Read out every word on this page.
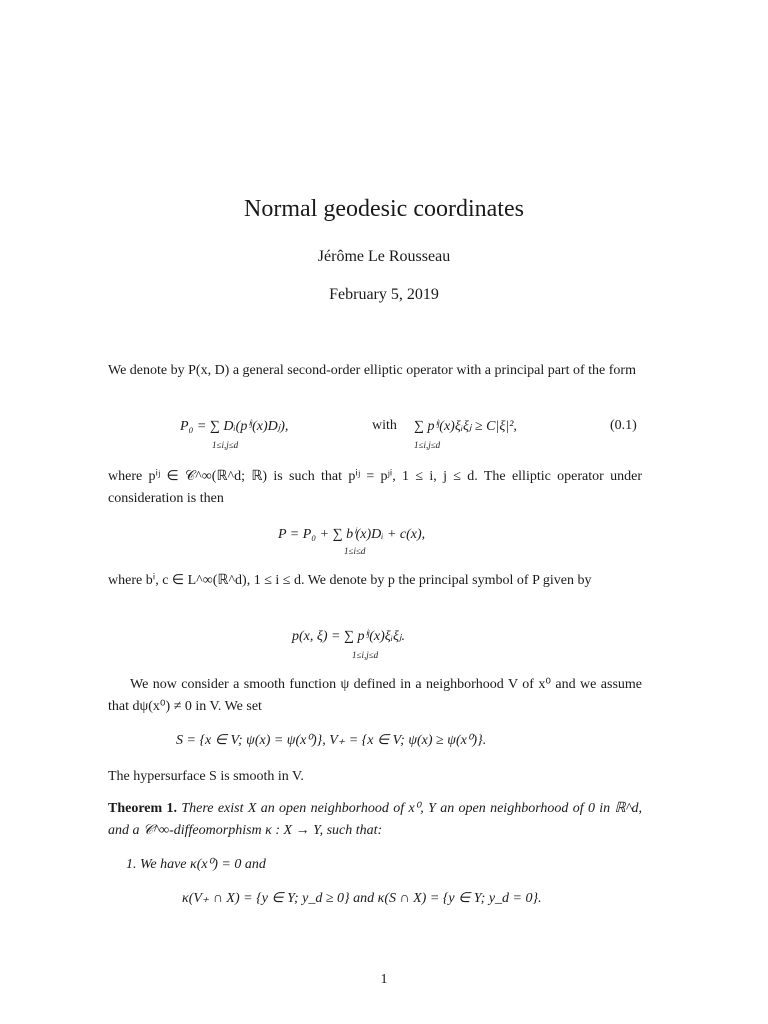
Normal geodesic coordinates
Jérôme Le Rousseau
February 5, 2019
We denote by P(x, D) a general second-order elliptic operator with a principal part of the form
P₀ = ∑ Dᵢ(pⁱʲ(x)Dⱼ),
1≤i,j≤d
with ∑ pⁱʲ(x)ξᵢξⱼ ≥ C|ξ|²,
1≤i,j≤d
(0.1)
where pⁱʲ ∈ 𝒞^∞(ℝ^d; ℝ) is such that pⁱʲ = pʲⁱ, 1 ≤ i, j ≤ d. The elliptic operator under consideration is then
P = P₀ + ∑ bⁱ(x)Dᵢ + c(x),
1≤i≤d
where bⁱ, c ∈ L^∞(ℝ^d), 1 ≤ i ≤ d. We denote by p the principal symbol of P given by
p(x, ξ) = ∑ pⁱʲ(x)ξᵢξⱼ.
1≤i,j≤d
We now consider a smooth function ψ defined in a neighborhood V of x⁰ and we assume that dψ(x⁰) ≠ 0 in V. We set
S = {x ∈ V; ψ(x) = ψ(x⁰)}, V₊ = {x ∈ V; ψ(x) ≥ ψ(x⁰)}.
The hypersurface S is smooth in V.
Theorem 1. There exist X an open neighborhood of x⁰, Y an open neighborhood of 0 in ℝ^d, and a 𝒞^∞-diffeomorphism κ : X → Y, such that:
1. We have κ(x⁰) = 0 and
κ(V₊ ∩ X) = {y ∈ Y; y_d ≥ 0} and κ(S ∩ X) = {y ∈ Y; y_d = 0}.
1
